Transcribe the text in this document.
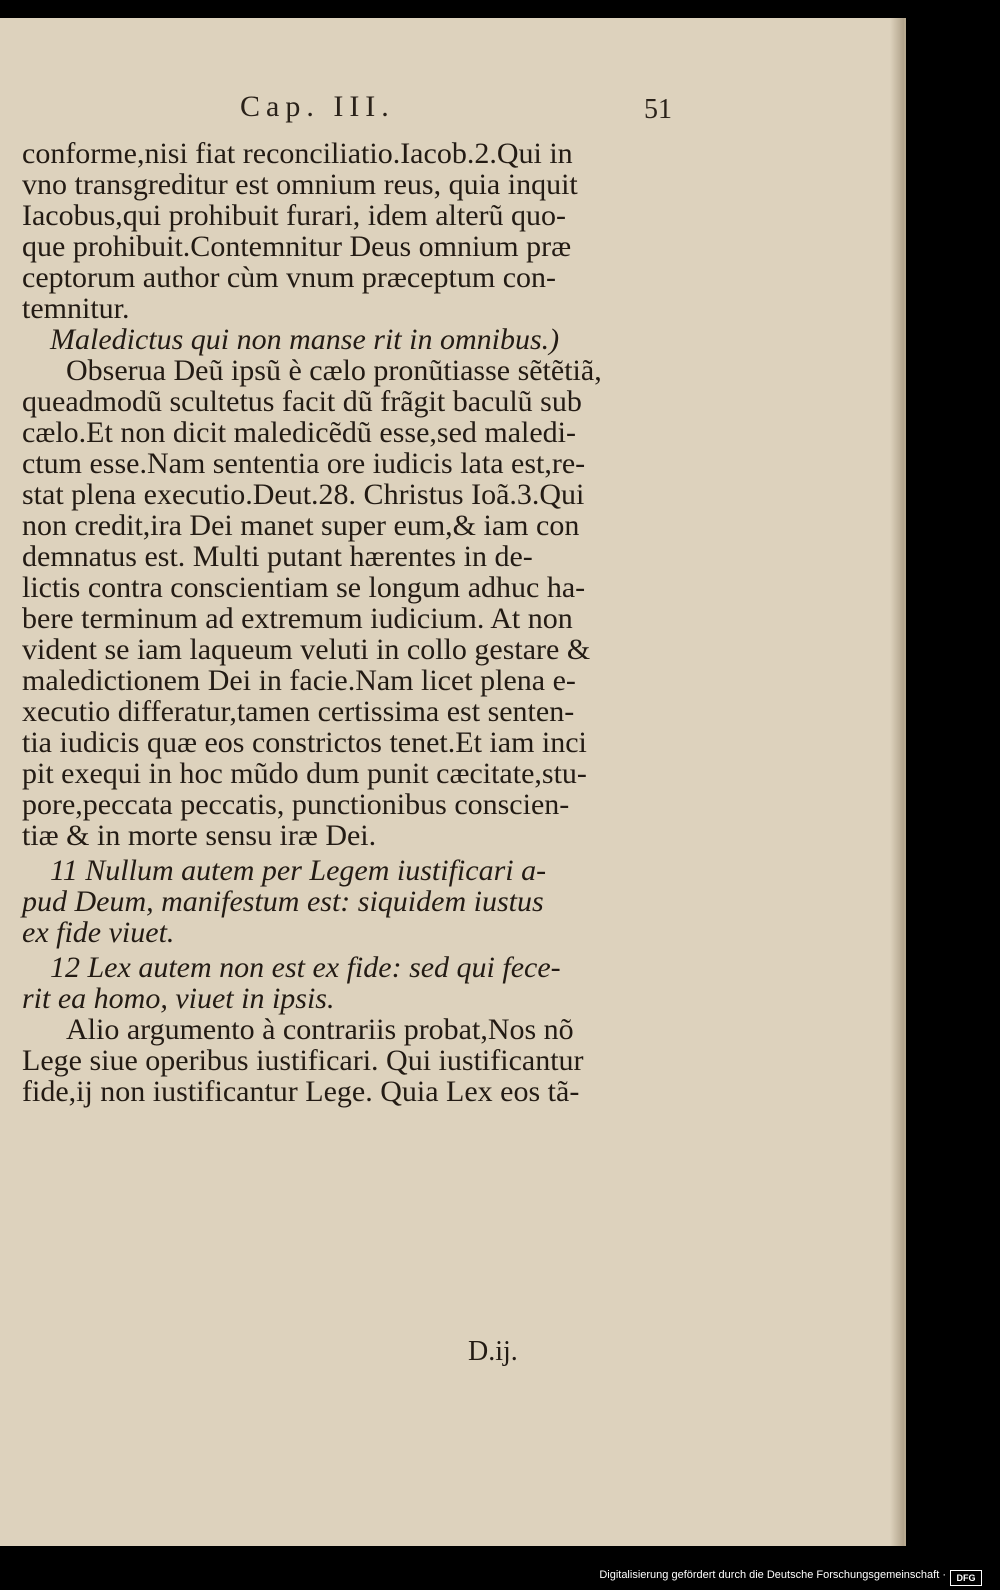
Cap. III.	51
conforme,nisi fiat reconciliatio.Iacob.2.Qui in
vno transgreditur est omnium reus, quia inquit
Iacobus,qui prohibuit furari, idem alterũ quo-
que prohibuit.Contemnitur Deus omnium præ
ceptorum author cùm vnum præceptum con-
temnitur.
Maledictus qui non manse rit in omnibus.)
Obserua Deũ ipsũ è cælo pronũtiasse sẽtẽtiã,
queadmodũ scultetus facit dũ frãgit baculũ sub
cælo.Et non dicit maledicẽdũ esse,sed maledi-
ctum esse.Nam sententia ore iudicis lata est,re-
stat plena executio.Deut.28. Christus Ioã.3.Qui
non credit,ira Dei manet super eum,& iam con
demnatus est. Multi putant hærentes in de-
lictis contra conscientiam se longum adhuc ha-
bere terminum ad extremum iudicium. At non
vident se iam laqueum veluti in collo gestare &
maledictionem Dei in facie.Nam licet plena e-
xecutio differatur,tamen certissima est senten-
tia iudicis quæ eos constrictos tenet.Et iam inci
pit exequi in hoc mũdo dum punit cæcitate,stu-
pore,peccata peccatis, punctionibus conscien-
tiæ & in morte sensu iræ Dei.
11 Nullum autem per Legem iustificari a-
pud Deum, manifestum est: siquidem iustus
ex fide viuet.
12 Lex autem non est ex fide: sed qui fece-
rit ea homo, viuet in ipsis.
Alio argumento à contrariis probat,Nos nõ
Lege siue operibus iustificari. Qui iustificantur
fide,ij non iustificantur Lege. Quia Lex eos tã-
D.ij.
Digitalisierung gefördert durch die Deutsche Forschungsgemeinschaft ·	DFG
